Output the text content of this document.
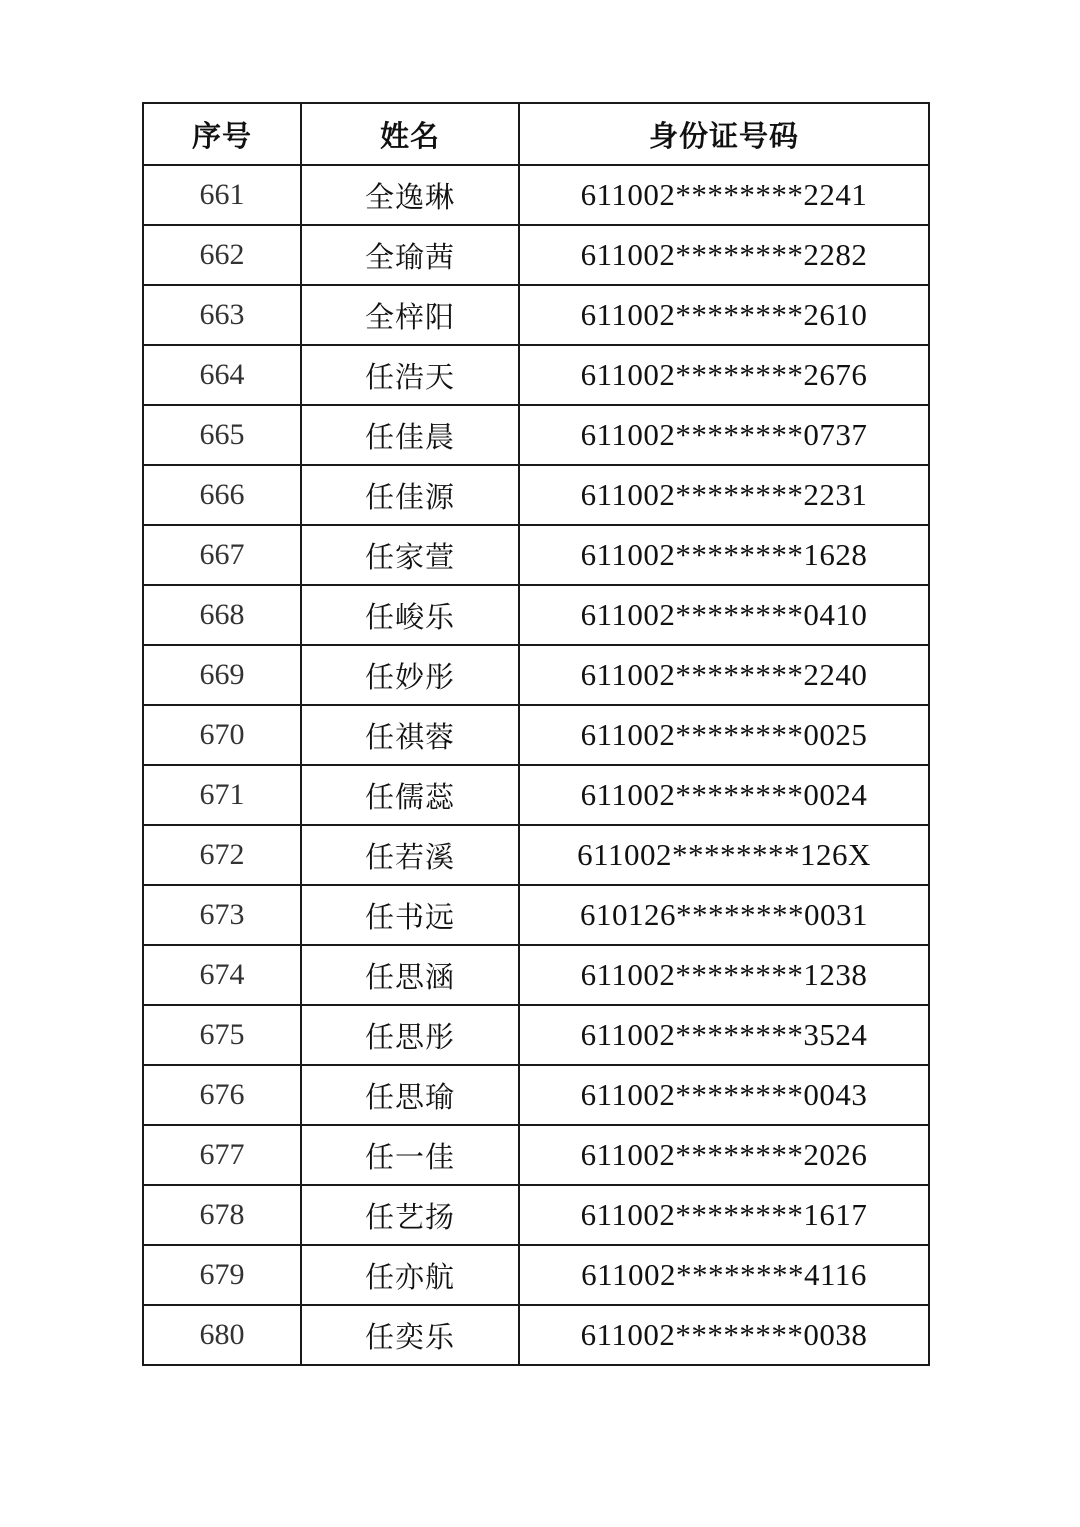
序号	姓名	身份证号码
661	全逸琳	611002********2241
662	全瑜茜	611002********2282
663	全梓阳	611002********2610
664	任浩天	611002********2676
665	任佳晨	611002********0737
666	任佳源	611002********2231
667	任家萱	611002********1628
668	任峻乐	611002********0410
669	任妙彤	611002********2240
670	任祺蓉	611002********0025
671	任儒蕊	611002********0024
672	任若溪	611002********126X
673	任书远	610126********0031
674	任思涵	611002********1238
675	任思彤	611002********3524
676	任思瑜	611002********0043
677	任一佳	611002********2026
678	任艺扬	611002********1617
679	任亦航	611002********4116
680	任奕乐	611002********0038
